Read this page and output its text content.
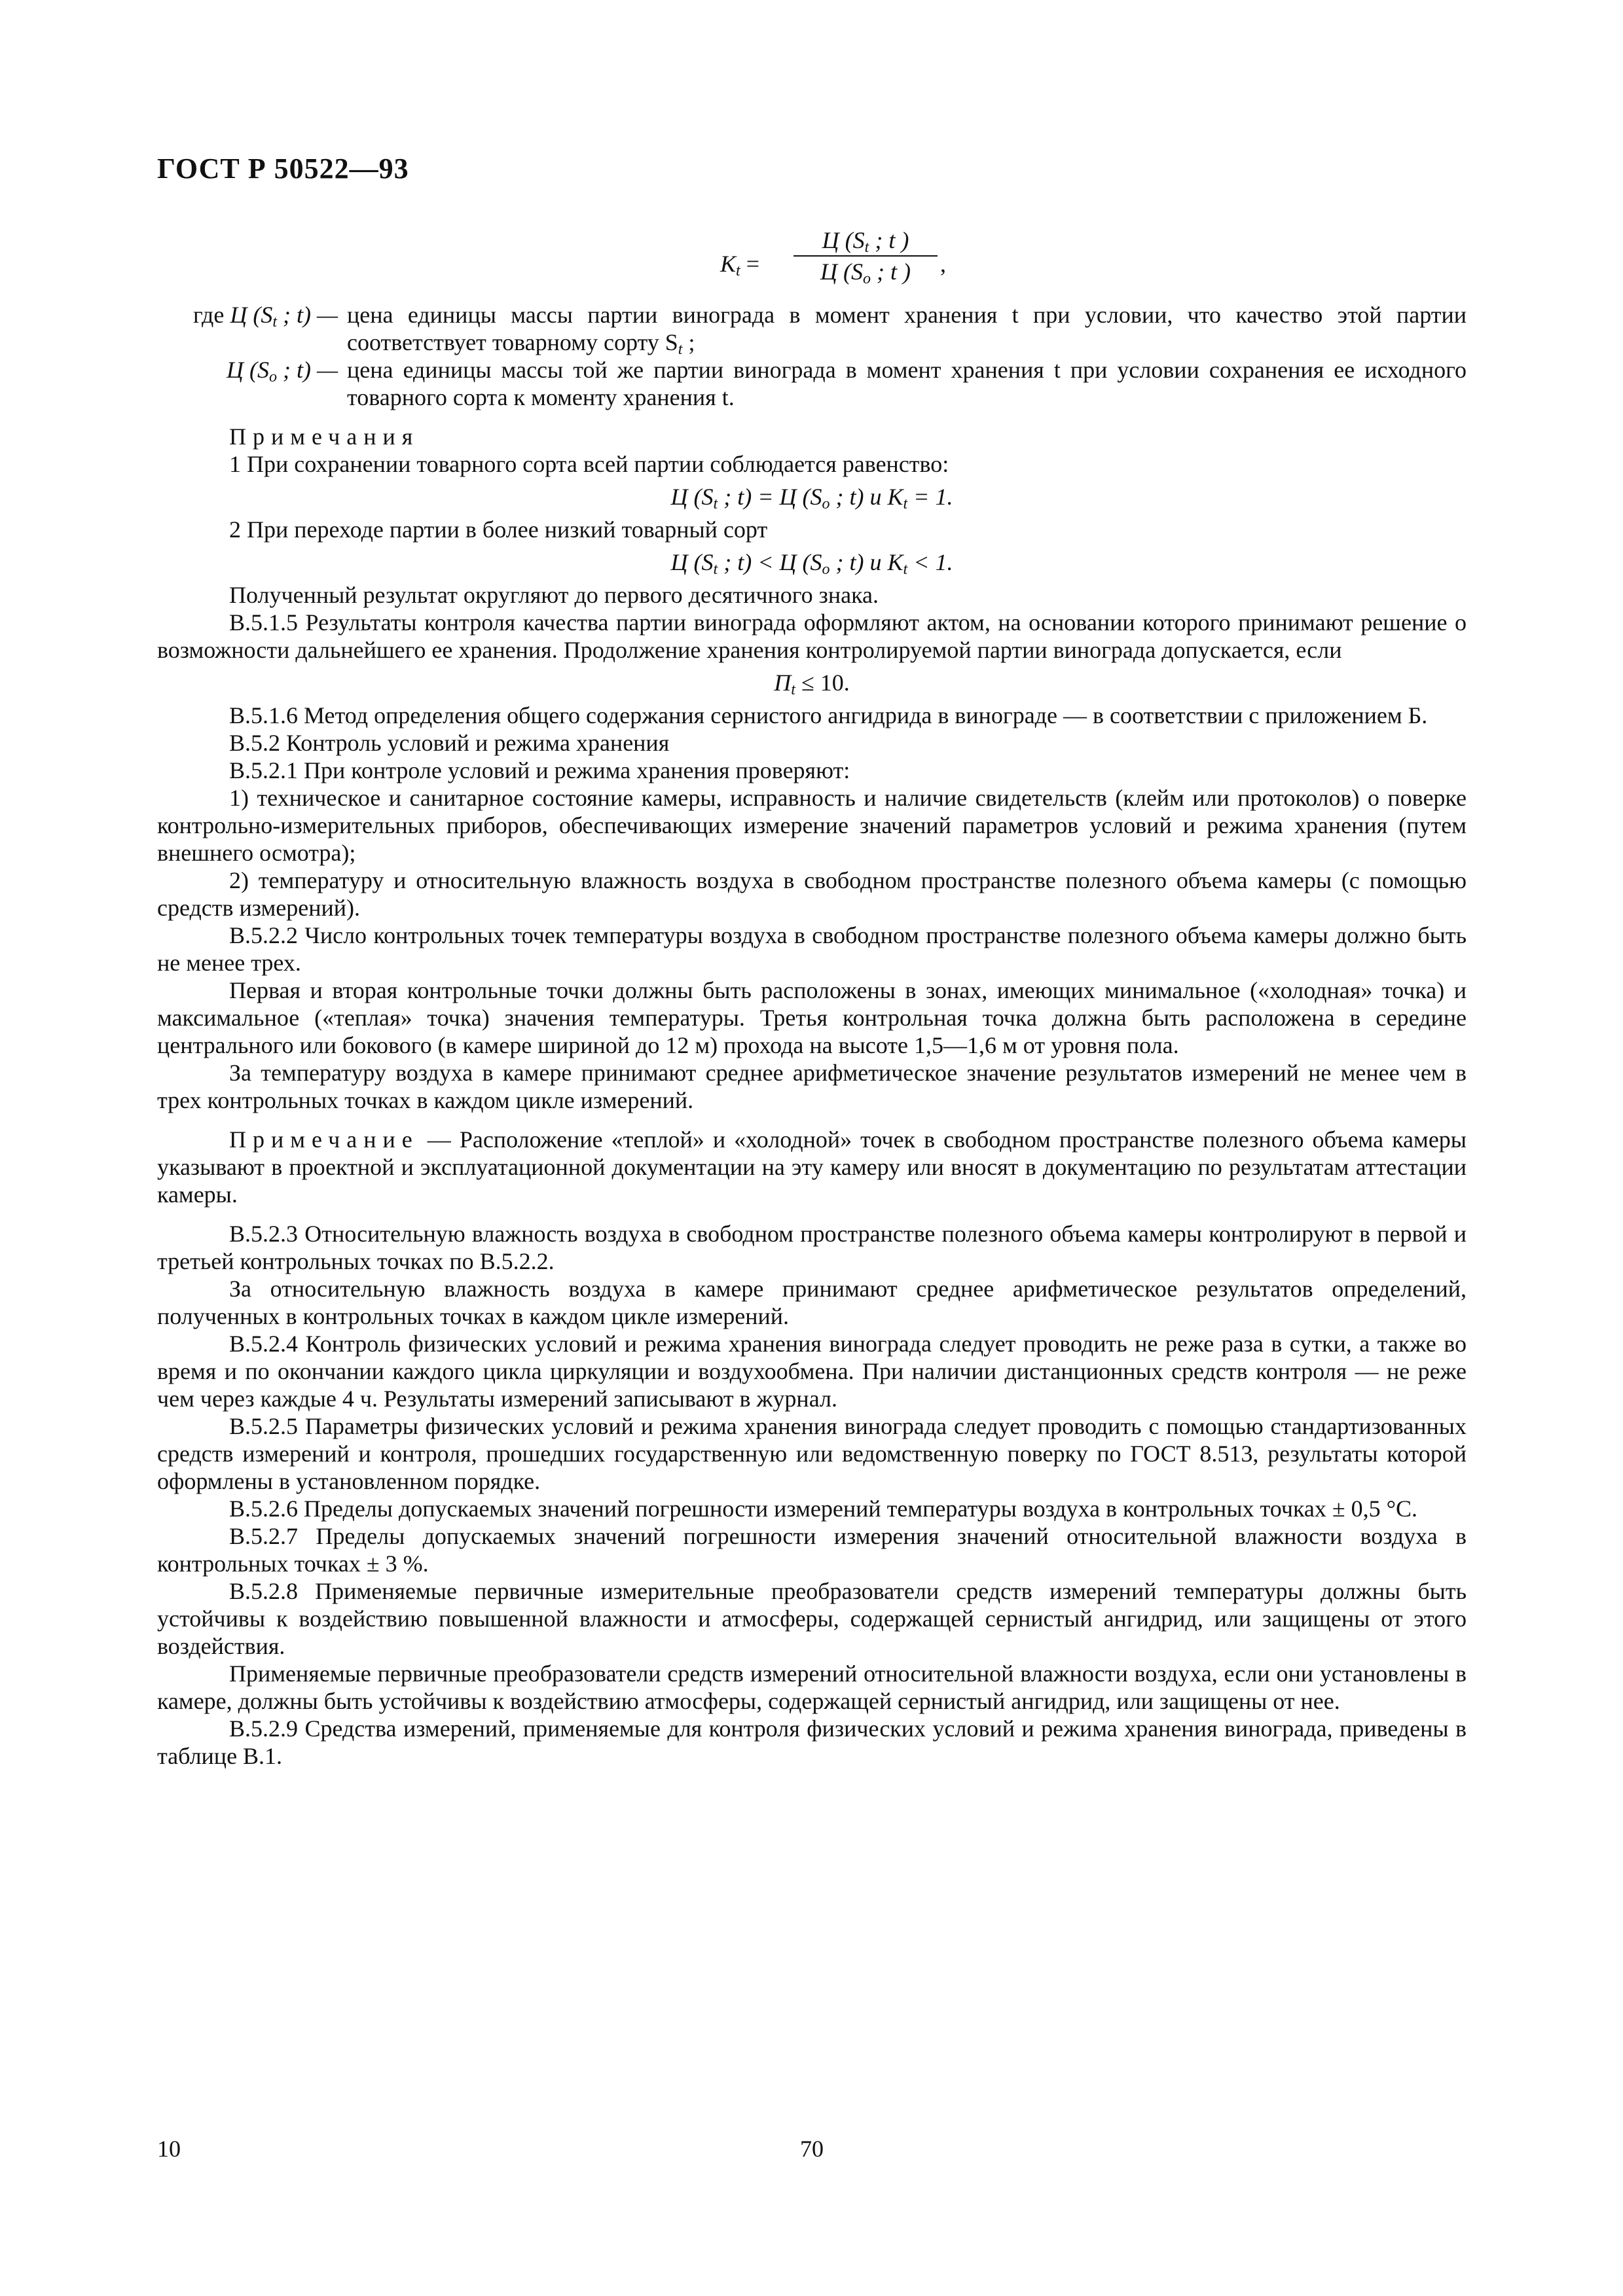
ГОСТ Р 50522—93
$K_t$ =
Ц ($S_t$ ; t )
Ц ($S_o$ ; t )	,
где Ц ($S_t$ ; t) — цена единицы массы партии винограда в момент хранения t при условии, что качество этой партии соответствует товарному сорту $S_t$ ;
Ц ($S_o$ ; t) — цена единицы массы той же партии винограда в момент хранения t при условии сохранения ее исходного товарного сорта к моменту хранения t.

Примечания

1 При сохранении товарного сорта всей партии соблюдается равенство:

Ц ($S_t$ ; t) = Ц ($S_o$ ; t) и $K_t = 1$.

2 При переходе партии в более низкий товарный сорт

Ц ($S_t$ ; t) < Ц ($S_o$ ; t) и $K_t < 1$.

Полученный результат округляют до первого десятичного знака.

В.5.1.5 Результаты контроля качества партии винограда оформляют актом, на основании которого принимают решение о возможности дальнейшего ее хранения. Продолжение хранения контролируемой партии винограда допускается, если

$П_t \le 10$.

В.5.1.6 Метод определения общего содержания сернистого ангидрида в винограде — в соответствии с приложением Б.

В.5.2 Контроль условий и режима хранения

В.5.2.1 При контроле условий и режима хранения проверяют:

1) техническое и санитарное состояние камеры, исправность и наличие свидетельств (клейм или протоколов) о поверке контрольно-измерительных приборов, обеспечивающих измерение значений параметров условий и режима хранения (путем внешнего осмотра);

2) температуру и относительную влажность воздуха в свободном пространстве полезного объема камеры (с помощью средств измерений).

В.5.2.2 Число контрольных точек температуры воздуха в свободном пространстве полезного объема камеры должно быть не менее трех.

Первая и вторая контрольные точки должны быть расположены в зонах, имеющих минимальное («холодная» точка) и максимальное («теплая» точка) значения температуры. Третья контрольная точка должна быть расположена в середине центрального или бокового (в камере шириной до 12 м) прохода на высоте 1,5—1,6 м от уровня пола.

За температуру воздуха в камере принимают среднее арифметическое значение результатов измерений не менее чем в трех контрольных точках в каждом цикле измерений.

Примечание — Расположение «теплой» и «холодной» точек в свободном пространстве полезного объема камеры указывают в проектной и эксплуатационной документации на эту камеру или вносят в документацию по результатам аттестации камеры.

В.5.2.3 Относительную влажность воздуха в свободном пространстве полезного объема камеры контролируют в первой и третьей контрольных точках по В.5.2.2.

За относительную влажность воздуха в камере принимают среднее арифметическое результатов определений, полученных в контрольных точках в каждом цикле измерений.

В.5.2.4 Контроль физических условий и режима хранения винограда следует проводить не реже раза в сутки, а также во время и по окончании каждого цикла циркуляции и воздухообмена. При наличии дистанционных средств контроля — не реже чем через каждые 4 ч. Результаты измерений записывают в журнал.

В.5.2.5 Параметры физических условий и режима хранения винограда следует проводить с помощью стандартизованных средств измерений и контроля, прошедших государственную или ведомственную поверку по ГОСТ 8.513, результаты которой оформлены в установленном порядке.

В.5.2.6 Пределы допускаемых значений погрешности измерений температуры воздуха в контрольных точках ± 0,5 °С.

В.5.2.7 Пределы допускаемых значений погрешности измерения значений относительной влажности воздуха в контрольных точках ± 3 %.

В.5.2.8 Применяемые первичные измерительные преобразователи средств измерений температуры должны быть устойчивы к воздействию повышенной влажности и атмосферы, содержащей сернистый ангидрид, или защищены от этого воздействия.

Применяемые первичные преобразователи средств измерений относительной влажности воздуха, если они установлены в камере, должны быть устойчивы к воздействию атмосферы, содержащей сернистый ангидрид, или защищены от нее.

В.5.2.9 Средства измерений, применяемые для контроля физических условий и режима хранения винограда, приведены в таблице В.1.

10	70
